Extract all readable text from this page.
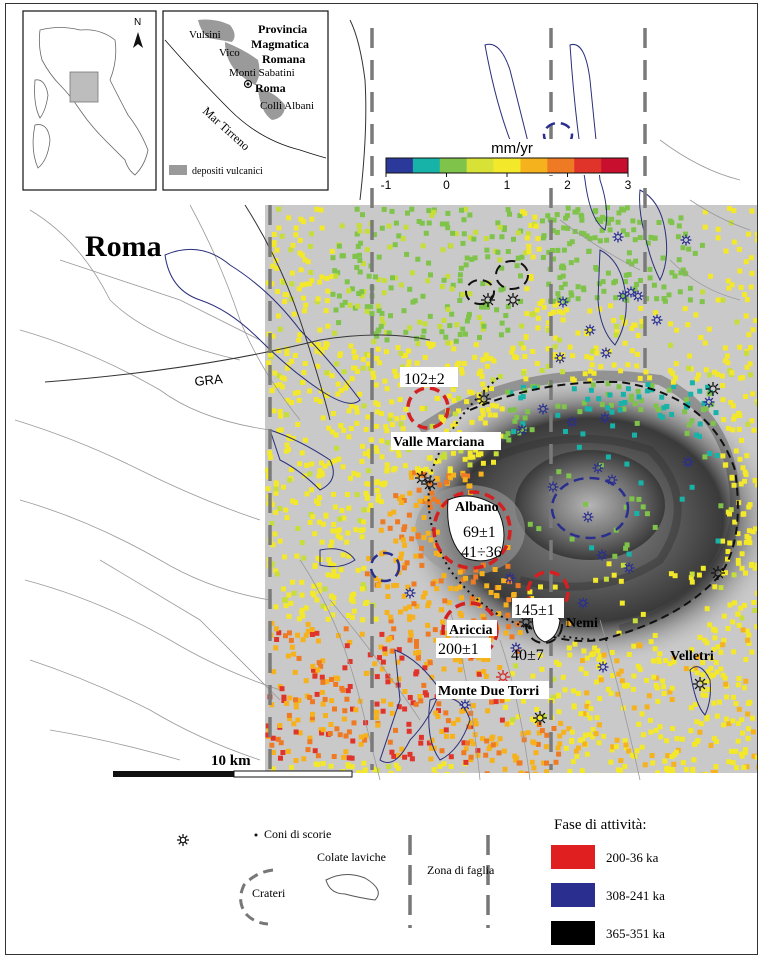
mm/yr
-1	0	1	2	3
Roma
GRA
Valle Marciana
Albano
Ariccia	Nemi
Velletri
Monte Due Torri
102±2
69±1
41÷36
145±1
40±7
200±1
10 km
N
Vulsini
Vico
Monti Sabatini
Colli Albani
Provincia
Magmatica
Romana
Roma
Mar Tirreno
depositi vulcanici
Coni di scorie
Crateri
Colate laviche
Zona di faglia
Fase di attività:
200-36 ka
308-241 ka
365-351 ka
